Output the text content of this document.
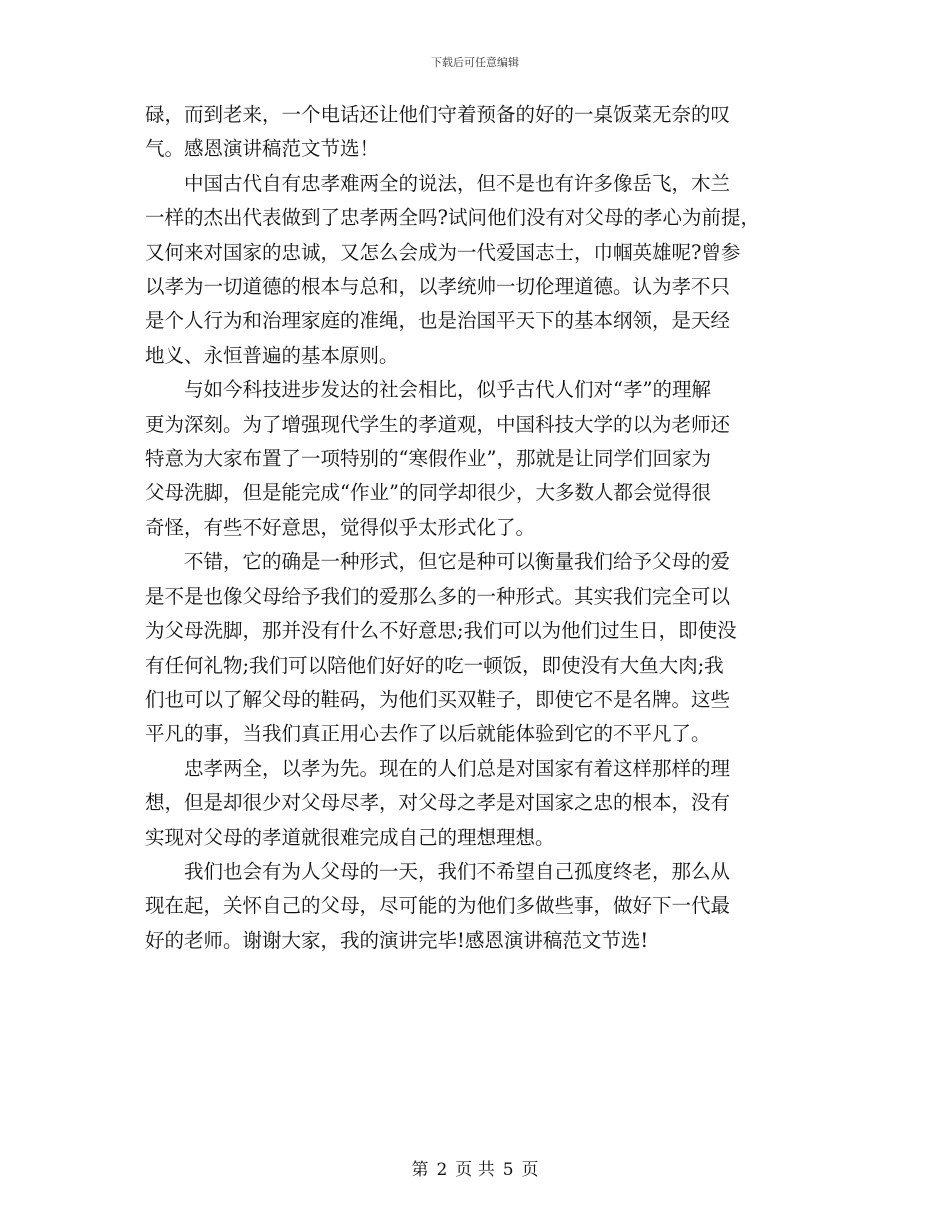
下载后可任意编辑
碌，而到老来，一个电话还让他们守着预备的好的一桌饭菜无奈的叹
气。感恩演讲稿范文节选！
中国古代自有忠孝难两全的说法，但不是也有许多像岳飞，木兰
一样的杰出代表做到了忠孝两全吗?试问他们没有对父母的孝心为前提，
又何来对国家的忠诚，又怎么会成为一代爱国志士，巾帼英雄呢?曾参
以孝为一切道德的根本与总和，以孝统帅一切伦理道德。认为孝不只
是个人行为和治理家庭的准绳，也是治国平天下的基本纲领，是天经
地义、永恒普遍的基本原则。
与如今科技进步发达的社会相比，似乎古代人们对“孝”的理解
更为深刻。为了增强现代学生的孝道观，中国科技大学的以为老师还
特意为大家布置了一项特别的“寒假作业”，那就是让同学们回家为
父母洗脚，但是能完成“作业”的同学却很少，大多数人都会觉得很
奇怪，有些不好意思，觉得似乎太形式化了。
不错，它的确是一种形式，但它是种可以衡量我们给予父母的爱
是不是也像父母给予我们的爱那么多的一种形式。其实我们完全可以
为父母洗脚，那并没有什么不好意思;我们可以为他们过生日，即使没
有任何礼物;我们可以陪他们好好的吃一顿饭，即使没有大鱼大肉;我
们也可以了解父母的鞋码，为他们买双鞋子，即使它不是名牌。这些
平凡的事，当我们真正用心去作了以后就能体验到它的不平凡了。
忠孝两全，以孝为先。现在的人们总是对国家有着这样那样的理
想，但是却很少对父母尽孝，对父母之孝是对国家之忠的根本，没有
实现对父母的孝道就很难完成自己的理想理想。
我们也会有为人父母的一天，我们不希望自己孤度终老，那么从
现在起，关怀自己的父母，尽可能的为他们多做些事，做好下一代最
好的老师。谢谢大家，我的演讲完毕!感恩演讲稿范文节选!
第 2 页 共 5 页
